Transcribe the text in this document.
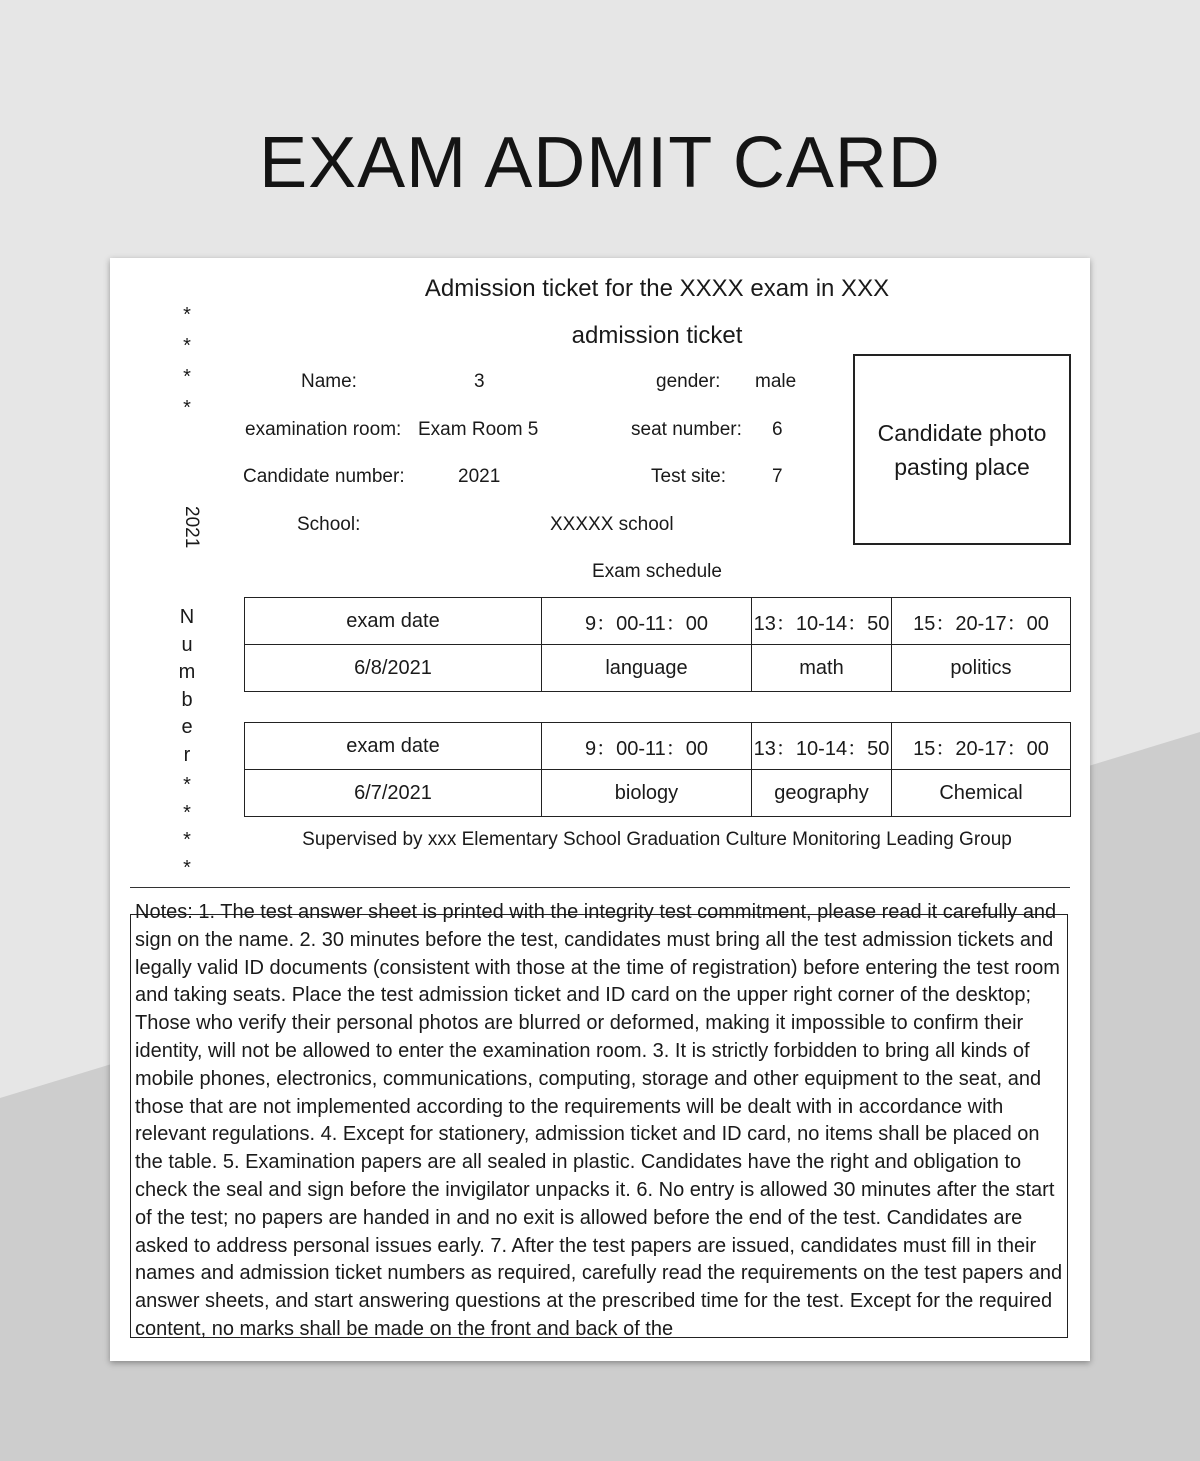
EXAM ADMIT CARD
*
*
*
*
2021
N
u
m
b
e
r
*
*
*
*
Admission ticket for the XXXX exam in XXX
admission ticket
Name:	3	gender: male
examination room: Exam Room 5	seat number: 6
Candidate number:	2021	Test site: 7
School:	XXXXX school
Candidate photo
pasting place
Exam schedule
exam date	9：00-11：00	13：10-14：50	15：20-17：00
6/8/2021	language	math	politics
exam date	9：00-11：00	13：10-14：50	15：20-17：00
6/7/2021	biology	geography	Chemical
Supervised by xxx Elementary School Graduation Culture Monitoring Leading Group
Notes: 1. The test answer sheet is printed with the integrity test commitment, please read it carefully and sign on the name. 2. 30 minutes before the test, candidates must bring all the test admission tickets and legally valid ID documents (consistent with those at the time of registration) before entering the test room and taking seats. Place the test admission ticket and ID card on the upper right corner of the desktop; Those who verify their personal photos are blurred or deformed, making it impossible to confirm their identity, will not be allowed to enter the examination room. 3. It is strictly forbidden to bring all kinds of mobile phones, electronics, communications, computing, storage and other equipment to the seat, and those that are not implemented according to the requirements will be dealt with in accordance with relevant regulations. 4. Except for stationery, admission ticket and ID card, no items shall be placed on the table. 5. Examination papers are all sealed in plastic. Candidates have the right and obligation to check the seal and sign before the invigilator unpacks it. 6. No entry is allowed 30 minutes after the start of the test; no papers are handed in and no exit is allowed before the end of the test. Candidates are asked to address personal issues early. 7. After the test papers are issued, candidates must fill in their names and admission ticket numbers as required, carefully read the requirements on the test papers and answer sheets, and start answering questions at the prescribed time for the test. Except for the required content, no marks shall be made on the front and back of the
